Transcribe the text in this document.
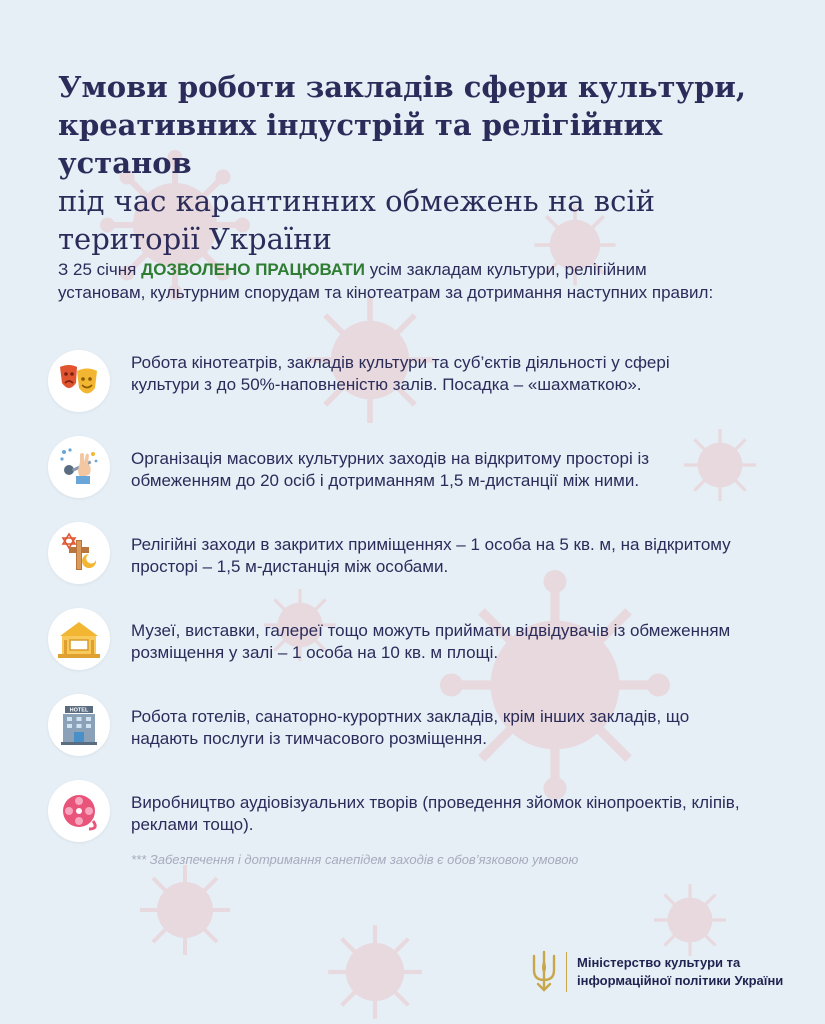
Умови роботи закладів сфери культури,
креативних індустрій та релігійних установ
під час карантинних обмежень на всій
території України
З 25 січня ДОЗВОЛЕНО ПРАЦЮВАТИ усім закладам культури, релігійним установам, культурним спорудам та кінотеатрам за дотримання наступних правил:
Робота кінотеатрів, закладів культури та суб’єктів діяльності у сфері культури з до 50%-наповненістю залів. Посадка – «шахматкою».
Організація масових культурних заходів на відкритому просторі із обмеженням до 20 осіб і дотриманням 1,5 м-дистанції між ними.
Релігійні заходи в закритих приміщеннях – 1 особа на 5 кв. м, на відкритому просторі – 1,5 м-дистанція між особами.
Музеї, виставки, галереї тощо можуть приймати відвідувачів із обмеженням розміщення у залі – 1 особа на 10 кв. м площі.
HOTEL	Робота готелів, санаторно-курортних закладів, крім інших закладів, що надають послуги із тимчасового розміщення.
Виробництво аудіовізуальних творів (проведення зйомок кінопроектів, кліпів, реклами тощо).
*** Забезпечення і дотримання санепідем заходів є обов’язковою умовою
Міністерство культури та
інформаційної політики України
